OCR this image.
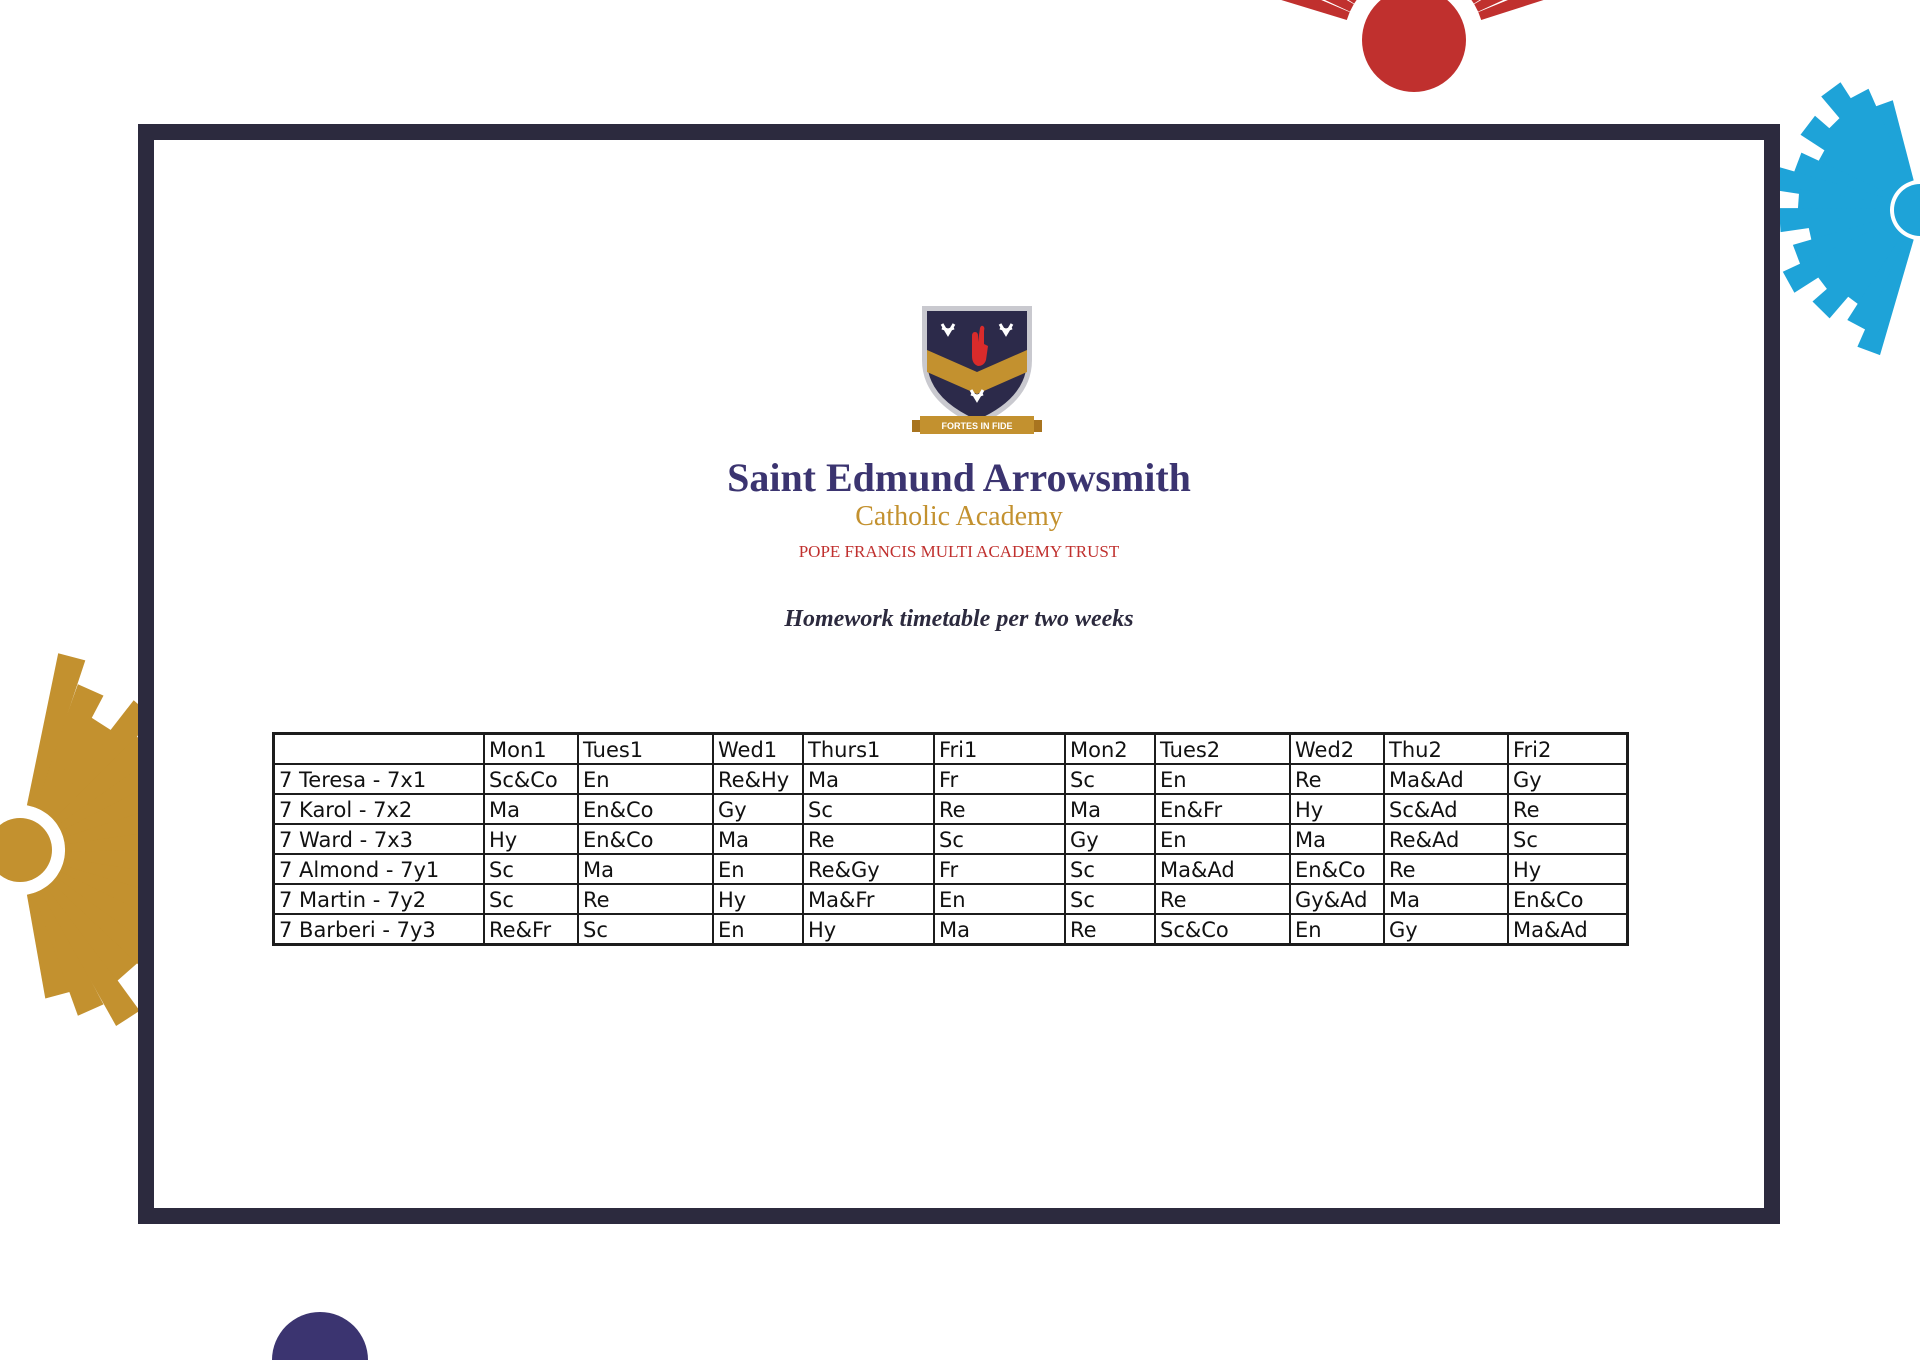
FORTES IN FIDE
Saint Edmund Arrowsmith
Catholic Academy
POPE FRANCIS MULTI ACADEMY TRUST
Homework timetable per two weeks
	Mon1	Tues1	Wed1	Thurs1	Fri1	Mon2	Tues2	Wed2	Thu2	Fri2
7 Teresa - 7x1	Sc&Co	En	Re&Hy	Ma	Fr	Sc	En	Re	Ma&Ad	Gy
7 Karol - 7x2	Ma	En&Co	Gy	Sc	Re	Ma	En&Fr	Hy	Sc&Ad	Re
7 Ward - 7x3	Hy	En&Co	Ma	Re	Sc	Gy	En	Ma	Re&Ad	Sc
7 Almond - 7y1	Sc	Ma	En	Re&Gy	Fr	Sc	Ma&Ad	En&Co	Re	Hy
7 Martin - 7y2	Sc	Re	Hy	Ma&Fr	En	Sc	Re	Gy&Ad	Ma	En&Co
7 Barberi - 7y3	Re&Fr	Sc	En	Hy	Ma	Re	Sc&Co	En	Gy	Ma&Ad
